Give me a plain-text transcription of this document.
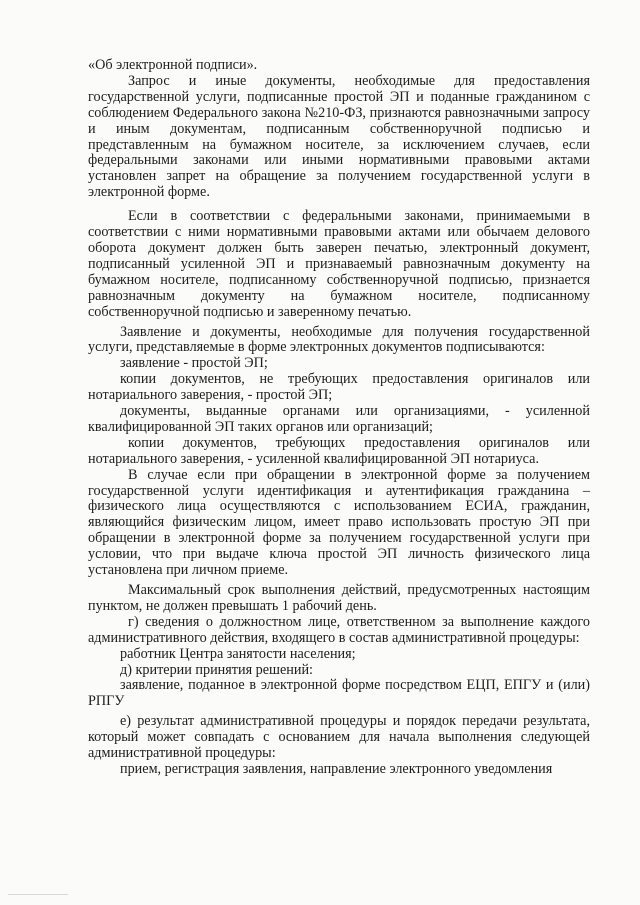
«Об электронной подписи».

Запрос и иные документы, необходимые для предоставления государственной услуги, подписанные простой ЭП и поданные гражданином с соблюдением Федерального закона №210-ФЗ, признаются равнозначными запросу и иным документам, подписанным собственноручной подписью и представленным на бумажном носителе, за исключением случаев, если федеральными законами или иными нормативными правовыми актами установлен запрет на обращение за получением государственной услуги в электронной форме.

Если в соответствии с федеральными законами, принимаемыми в соответствии с ними нормативными правовыми актами или обычаем делового оборота документ должен быть заверен печатью, электронный документ, подписанный усиленной ЭП и признаваемый равнозначным документу на бумажном носителе, подписанному собственноручной подписью, признается равнозначным документу на бумажном носителе, подписанному собственноручной подписью и заверенному печатью.

Заявление и документы, необходимые для получения государственной услуги, представляемые в форме электронных документов подписываются:

заявление - простой ЭП;

копии документов, не требующих предоставления оригиналов или нотариального заверения, - простой ЭП;

документы, выданные органами или организациями, - усиленной квалифицированной ЭП таких органов или организаций;

копии документов, требующих предоставления оригиналов или нотариального заверения, - усиленной квалифицированной ЭП нотариуса.

В случае если при обращении в электронной форме за получением государственной услуги идентификация и аутентификация гражданина – физического лица осуществляются с использованием ЕСИА, гражданин, являющийся физическим лицом, имеет право использовать простую ЭП при обращении в электронной форме за получением государственной услуги при условии, что при выдаче ключа простой ЭП личность физического лица установлена при личном приеме.

Максимальный срок выполнения действий, предусмотренных настоящим пунктом, не должен превышать 1 рабочий день.

г) сведения о должностном лице, ответственном за выполнение каждого административного действия, входящего в состав административной процедуры:

работник Центра занятости населения;

д) критерии принятия решений:

заявление, поданное в электронной форме посредством ЕЦП, ЕПГУ и (или) РПГУ

е) результат административной процедуры и порядок передачи результата, который может совпадать с основанием для начала выполнения следующей административной процедуры:

прием, регистрация заявления, направление электронного уведомления
